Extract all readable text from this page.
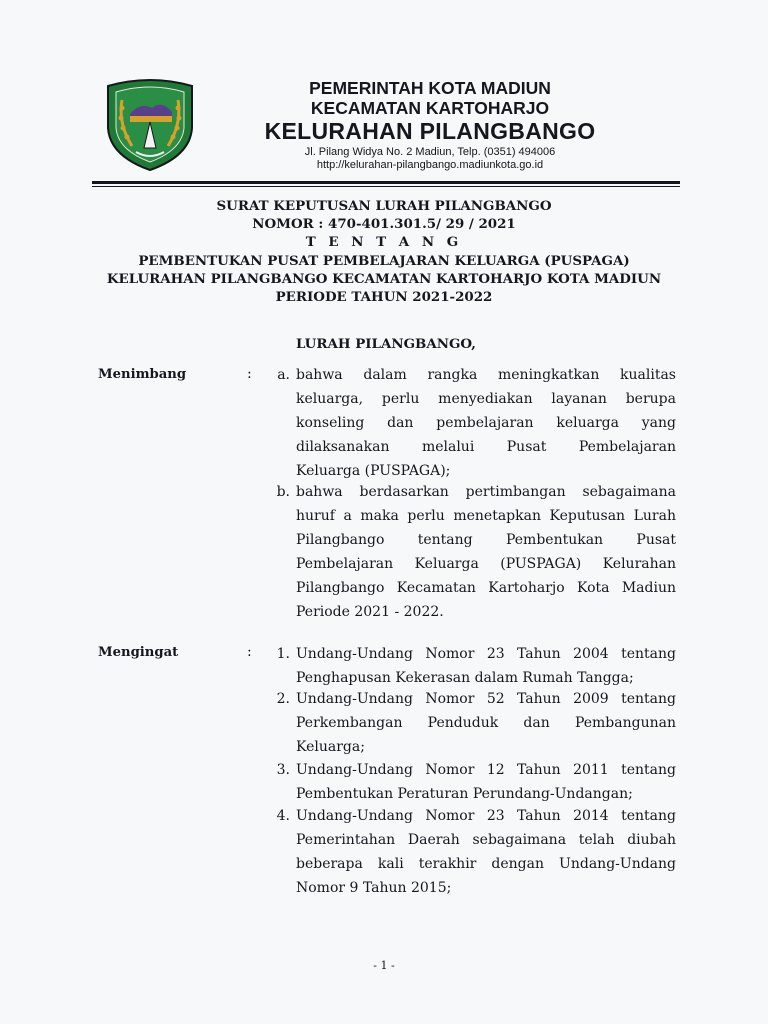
PEMERINTAH KOTA MADIUN
KECAMATAN KARTOHARJO
KELURAHAN PILANGBANGO
Jl. Pilang Widya No. 2 Madiun, Telp. (0351) 494006
http://kelurahan-pilangbango.madiunkota.go.id
SURAT KEPUTUSAN LURAH PILANGBANGO
NOMOR : 470-401.301.5/ 29 / 2021
T E N T A N G
PEMBENTUKAN PUSAT PEMBELAJARAN KELUARGA (PUSPAGA)
KELURAHAN PILANGBANGO KECAMATAN KARTOHARJO KOTA MADIUN
PERIODE TAHUN 2021-2022
LURAH PILANGBANGO,
Menimbang	:	a. bahwa dalam rangka meningkatkan kualitas
keluarga, perlu menyediakan layanan berupa
konseling dan pembelajaran keluarga yang
dilaksanakan melalui Pusat Pembelajaran
Keluarga (PUSPAGA);
b. bahwa berdasarkan pertimbangan sebagaimana
huruf a maka perlu menetapkan Keputusan Lurah
Pilangbango tentang Pembentukan Pusat
Pembelajaran Keluarga (PUSPAGA) Kelurahan
Pilangbango Kecamatan Kartoharjo Kota Madiun
Periode 2021 - 2022.
Mengingat	:	1. Undang-Undang Nomor 23 Tahun 2004 tentang
Penghapusan Kekerasan dalam Rumah Tangga;
2. Undang-Undang Nomor 52 Tahun 2009 tentang
Perkembangan Penduduk dan Pembangunan
Keluarga;
3. Undang-Undang Nomor 12 Tahun 2011 tentang
Pembentukan Peraturan Perundang-Undangan;
4. Undang-Undang Nomor 23 Tahun 2014 tentang
Pemerintahan Daerah sebagaimana telah diubah
beberapa kali terakhir dengan Undang-Undang
Nomor 9 Tahun 2015;
- 1 -
